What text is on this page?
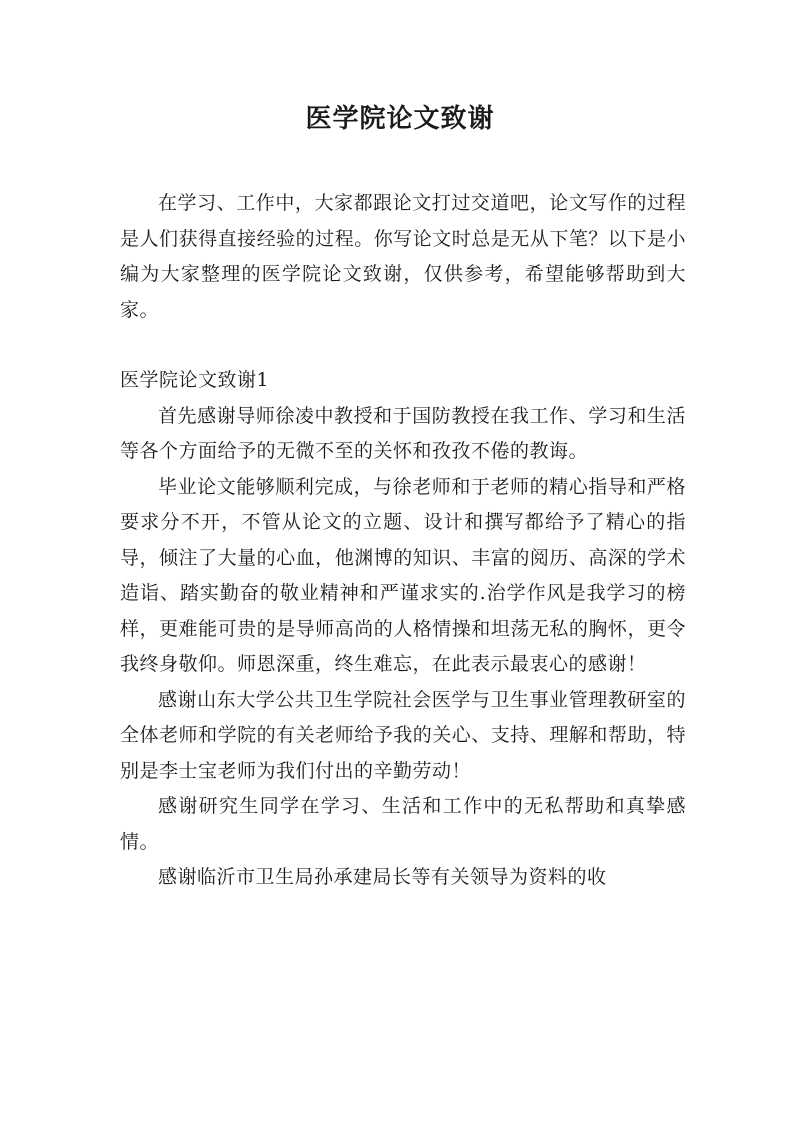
医学院论文致谢

在学习、工作中，大家都跟论文打过交道吧，论文写作的过程是人们获得直接经验的过程。你写论文时总是无从下笔？以下是小编为大家整理的医学院论文致谢，仅供参考，希望能够帮助到大家。

医学院论文致谢1

首先感谢导师徐凌中教授和于国防教授在我工作、学习和生活等各个方面给予的无微不至的关怀和孜孜不倦的教诲。

毕业论文能够顺利完成，与徐老师和于老师的精心指导和严格要求分不开，不管从论文的立题、设计和撰写都给予了精心的指导，倾注了大量的心血，他渊博的知识、丰富的阅历、高深的学术造诣、踏实勤奋的敬业精神和严谨求实的.治学作风是我学习的榜样，更难能可贵的是导师高尚的人格情操和坦荡无私的胸怀，更令我终身敬仰。师恩深重，终生难忘，在此表示最衷心的感谢！

感谢山东大学公共卫生学院社会医学与卫生事业管理教研室的全体老师和学院的有关老师给予我的关心、支持、理解和帮助，特别是李士宝老师为我们付出的辛勤劳动！

感谢研究生同学在学习、生活和工作中的无私帮助和真挚感情。

感谢临沂市卫生局孙承建局长等有关领导为资料的收
